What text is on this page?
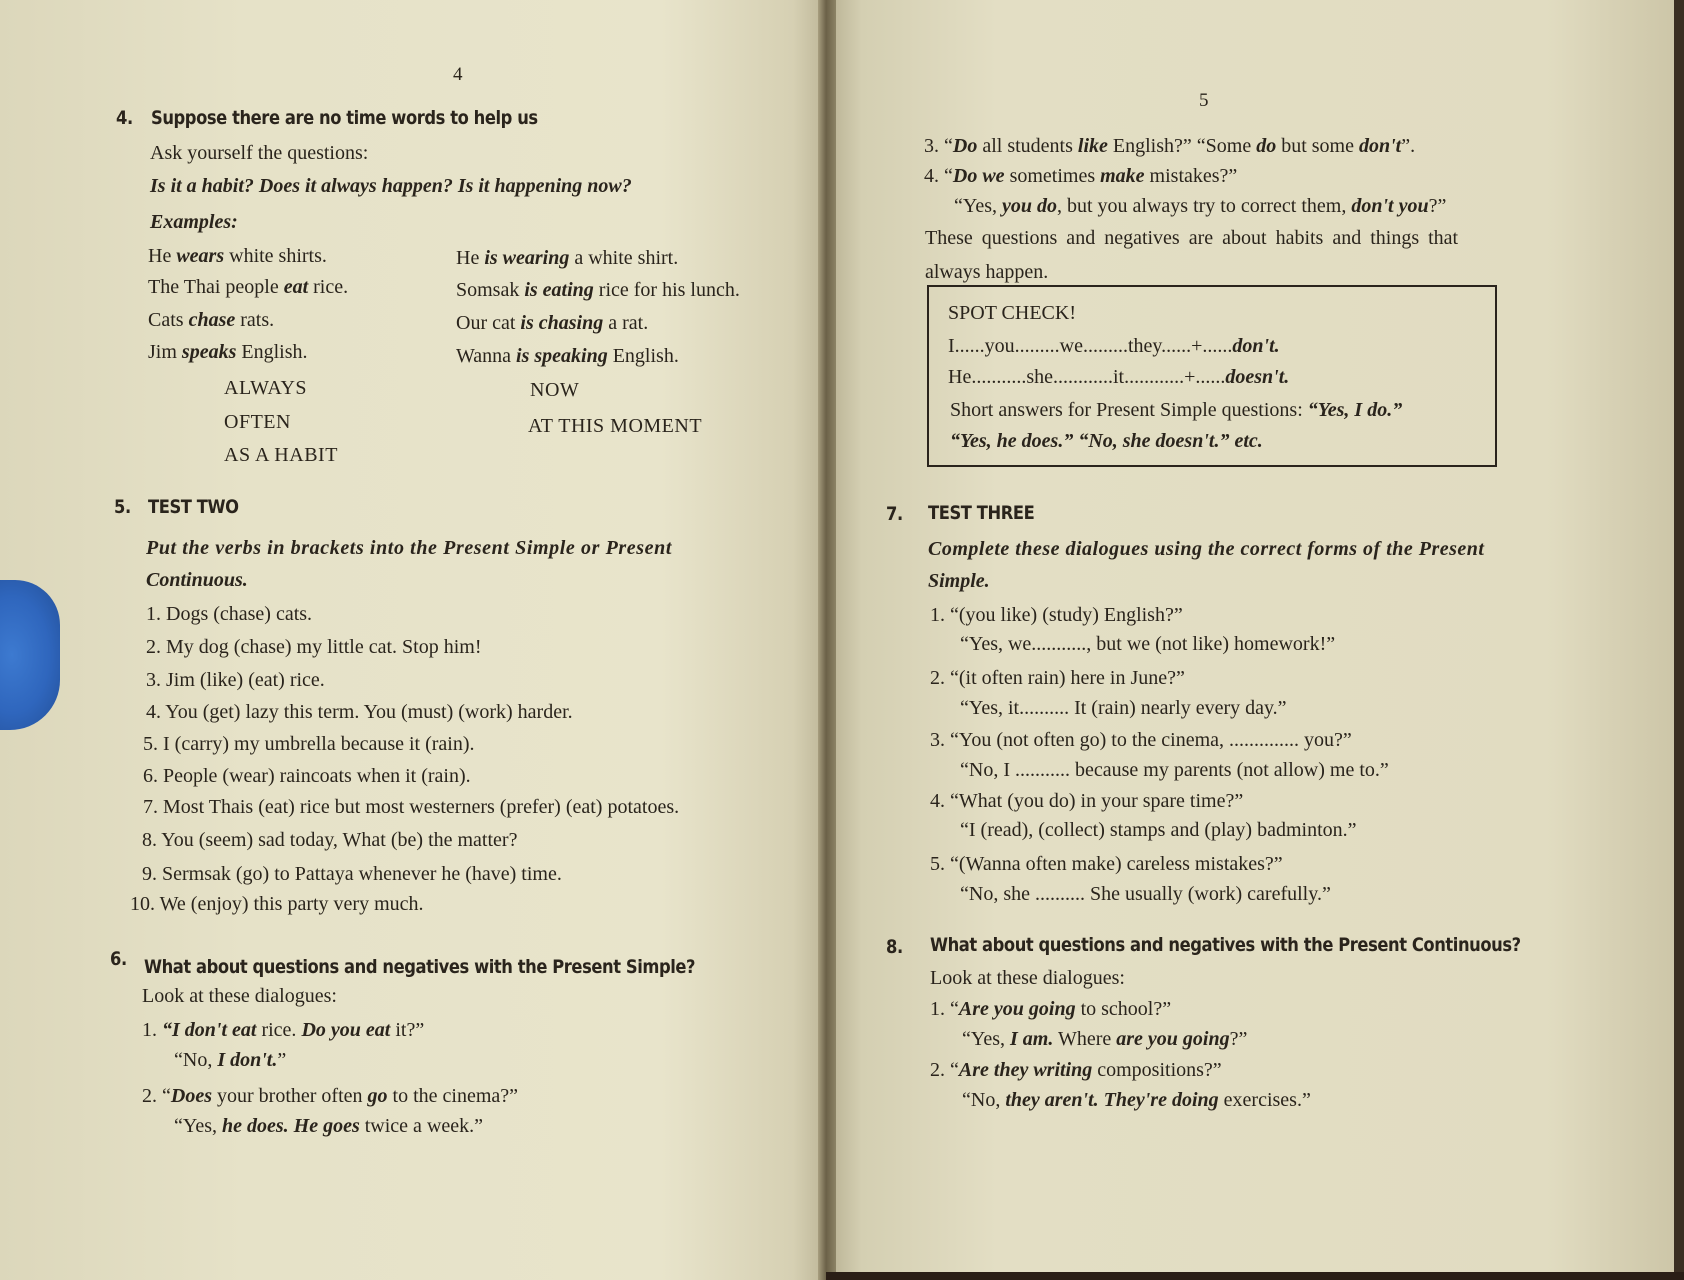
4
4. Suppose there are no time words to help us
Ask yourself the questions:
Is it a habit? Does it always happen? Is it happening now?
Examples:
He wears white shirts.	He is wearing a white shirt.
The Thai people eat rice.	Somsak is eating rice for his lunch.
Cats chase rats.	Our cat is chasing a rat.
Jim speaks English.	Wanna is speaking English.
ALWAYS
OFTEN
AS A HABIT
NOW
AT THIS MOMENT
5. TEST TWO
Put the verbs in brackets into the Present Simple or Present
Continuous.
1. Dogs (chase) cats.
2. My dog (chase) my little cat. Stop him!
3. Jim (like) (eat) rice.
4. You (get) lazy this term. You (must) (work) harder.
5. I (carry) my umbrella because it (rain).
6. People (wear) raincoats when it (rain).
7. Most Thais (eat) rice but most westerners (prefer) (eat) potatoes.
8. You (seem) sad today, What (be) the matter?
9. Sermsak (go) to Pattaya whenever he (have) time.
10. We (enjoy) this party very much.
6. What about questions and negatives with the Present Simple?
Look at these dialogues:
1. “I don't eat rice. Do you eat it?”
“No, I don't.”
2. “Does your brother often go to the cinema?”
“Yes, he does. He goes twice a week.”
5
3. “Do all students like English?” “Some do but some don't”.
4. “Do we sometimes make mistakes?”
“Yes, you do, but you always try to correct them, don't you?”
These questions and negatives are about habits and things that
always happen.
SPOT CHECK!
I......you.........we.........they......+......don't.
He...........she............it............+......doesn't.
Short answers for Present Simple questions: “Yes, I do.”
“Yes, he does.” “No, she doesn't.” etc.
7. TEST THREE
Complete these dialogues using the correct forms of the Present
Simple.
1. “(you like) (study) English?”
“Yes, we..........., but we (not like) homework!”
2. “(it often rain) here in June?”
“Yes, it.......... It (rain) nearly every day.”
3. “You (not often go) to the cinema, .............. you?”
“No, I ........... because my parents (not allow) me to.”
4. “What (you do) in your spare time?”
“I (read), (collect) stamps and (play) badminton.”
5. “(Wanna often make) careless mistakes?”
“No, she .......... She usually (work) carefully.”
8. What about questions and negatives with the Present Continuous?
Look at these dialogues:
1. “Are you going to school?”
“Yes, I am. Where are you going?”
2. “Are they writing compositions?”
“No, they aren't. They're doing exercises.”
